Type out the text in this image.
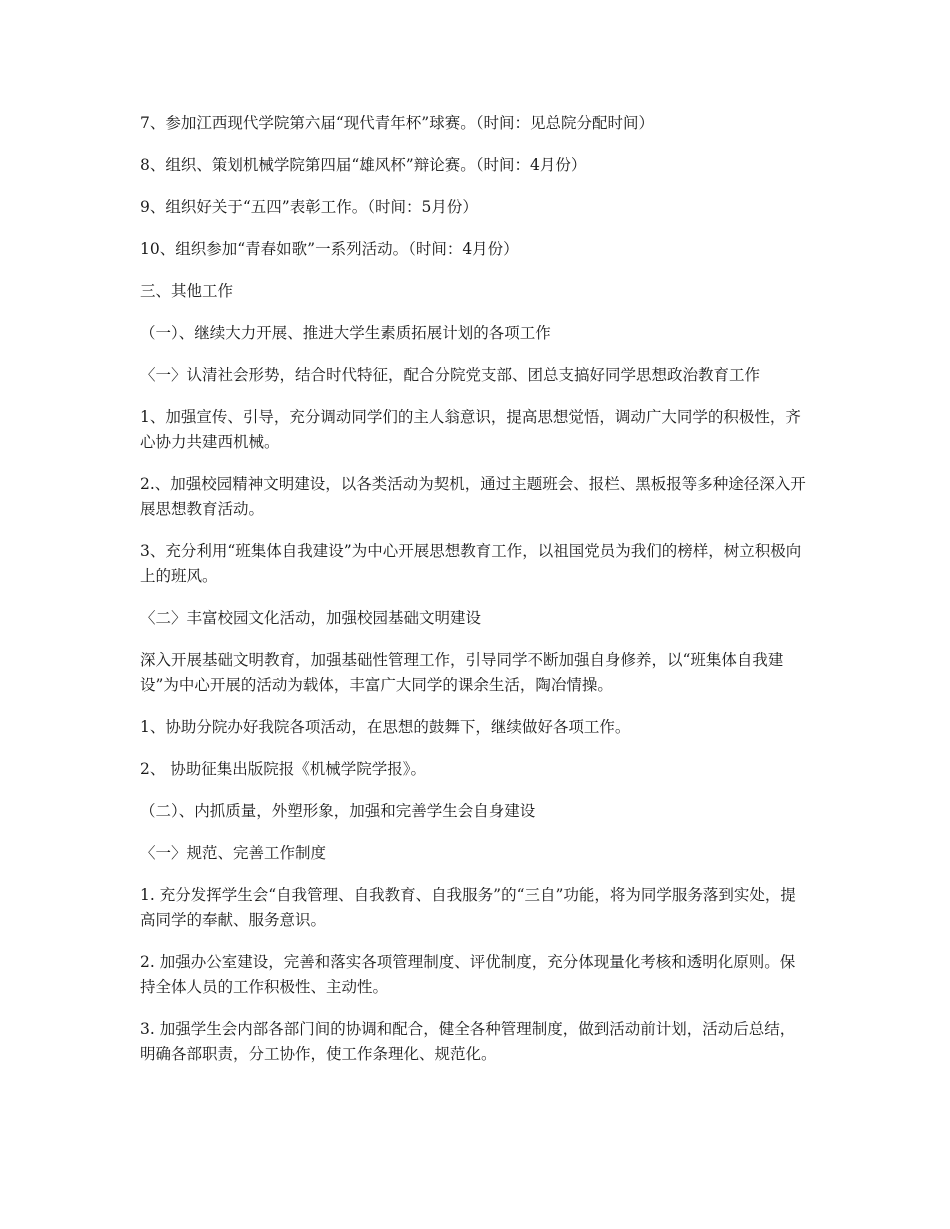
7、参加江西现代学院第六届“现代青年杯”球赛。（时间：见总院分配时间）

8、组织、策划机械学院第四届“雄风杯”辩论赛。（时间：4月份）

9、组织好关于“五四”表彰工作。（时间：5月份）

10、组织参加“青春如歌”一系列活动。（时间：4月份）

三、其他工作

（一）、继续大力开展、推进大学生素质拓展计划的各项工作

〈一〉认清社会形势，结合时代特征，配合分院党支部、团总支搞好同学思想政治教育工作

1、加强宣传、引导，充分调动同学们的主人翁意识，提高思想觉悟，调动广大同学的积极性，齐心协力共建西机械。

2.、加强校园精神文明建设，以各类活动为契机，通过主题班会、报栏、黑板报等多种途径深入开展思想教育活动。

3、充分利用“班集体自我建设”为中心开展思想教育工作，以祖国党员为我们的榜样，树立积极向上的班风。

〈二〉丰富校园文化活动，加强校园基础文明建设

深入开展基础文明教育，加强基础性管理工作，引导同学不断加强自身修养，以“班集体自我建设”为中心开展的活动为载体，丰富广大同学的课余生活，陶冶情操。

1、协助分院办好我院各项活动，在思想的鼓舞下，继续做好各项工作。

2、 协助征集出版院报《机械学院学报》。

（二）、内抓质量，外塑形象，加强和完善学生会自身建设

〈一〉规范、完善工作制度

1. 充分发挥学生会“自我管理、自我教育、自我服务”的“三自”功能，将为同学服务落到实处，提高同学的奉献、服务意识。

2. 加强办公室建设，完善和落实各项管理制度、评优制度，充分体现量化考核和透明化原则。保持全体人员的工作积极性、主动性。

3. 加强学生会内部各部门间的协调和配合，健全各种管理制度，做到活动前计划，活动后总结，明确各部职责，分工协作，使工作条理化、规范化。
